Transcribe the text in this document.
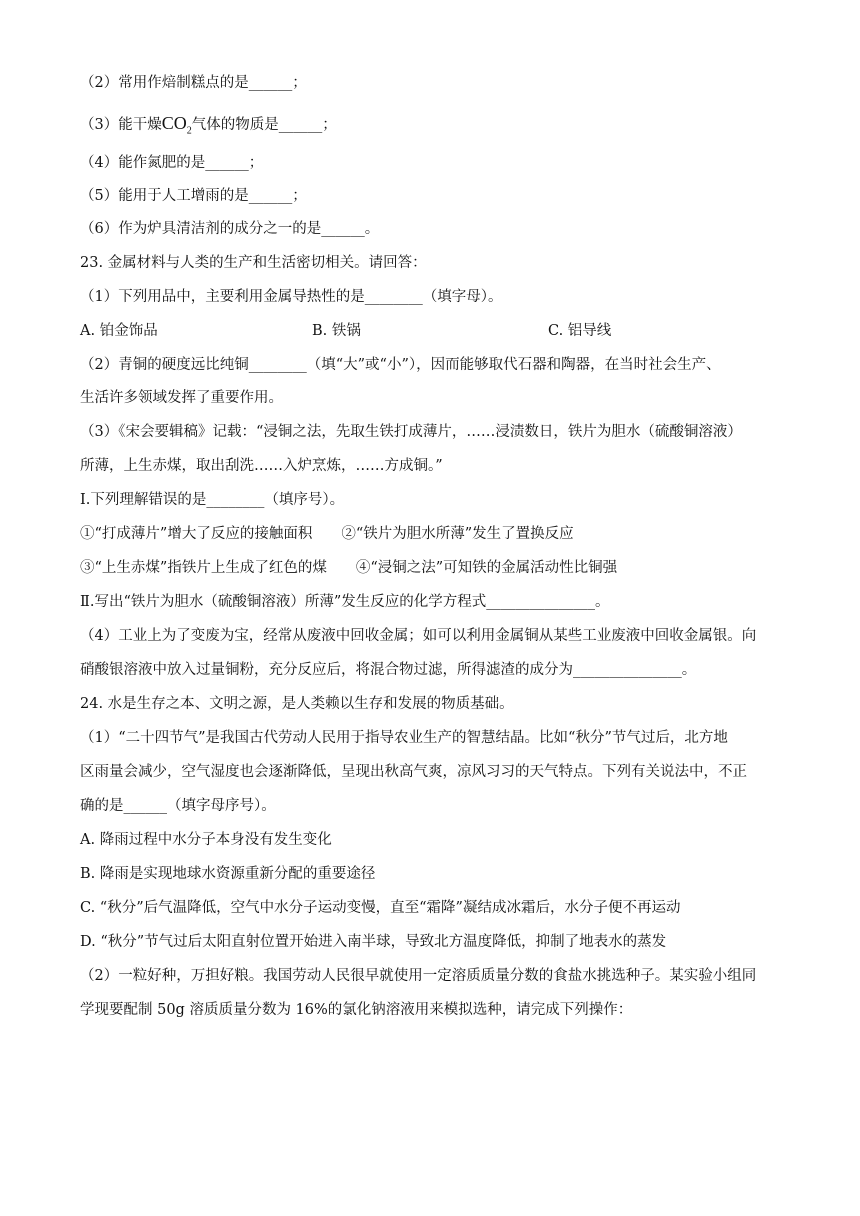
（2）常用作焙制糕点的是______；
（3）能干燥$CO_2$气体的物质是______；
（4）能作氮肥的是______；
（5）能用于人工增雨的是______；
（6）作为炉具清洁剂的成分之一的是______。
23. 金属材料与人类的生产和生活密切相关。请回答：
（1）下列用品中，主要利用金属导热性的是________（填字母）。
A. 铂金饰品	B. 铁锅	C. 铝导线
（2）青铜的硬度远比纯铜________（填“大”或“小”），因而能够取代石器和陶器，在当时社会生产、
生活许多领域发挥了重要作用。
（3）《宋会要辑稿》记载：“浸铜之法，先取生铁打成薄片，……浸渍数日，铁片为胆水（硫酸铜溶液）
所薄，上生赤煤，取出刮洗……入炉烹炼，……方成铜。”
Ⅰ.下列理解错误的是________（填序号）。
①“打成薄片”增大了反应的接触面积　　②“铁片为胆水所薄”发生了置换反应
③“上生赤煤”指铁片上生成了红色的煤　　④“浸铜之法”可知铁的金属活动性比铜强
Ⅱ.写出“铁片为胆水（硫酸铜溶液）所薄”发生反应的化学方程式_______________。
（4）工业上为了变废为宝，经常从废液中回收金属；如可以利用金属铜从某些工业废液中回收金属银。向
硝酸银溶液中放入过量铜粉，充分反应后，将混合物过滤，所得滤渣的成分为_______________。
24. 水是生存之本、文明之源，是人类赖以生存和发展的物质基础。
（1）“二十四节气”是我国古代劳动人民用于指导农业生产的智慧结晶。比如“秋分”节气过后，北方地
区雨量会减少，空气湿度也会逐渐降低，呈现出秋高气爽，凉风习习的天气特点。下列有关说法中，不正
确的是______（填字母序号）。
A. 降雨过程中水分子本身没有发生变化
B. 降雨是实现地球水资源重新分配的重要途径
C. “秋分”后气温降低，空气中水分子运动变慢，直至“霜降”凝结成冰霜后，水分子便不再运动
D. “秋分”节气过后太阳直射位置开始进入南半球，导致北方温度降低，抑制了地表水的蒸发
（2）一粒好种，万担好粮。我国劳动人民很早就使用一定溶质质量分数的食盐水挑选种子。某实验小组同
学现要配制 50g 溶质质量分数为 16%的氯化钠溶液用来模拟选种，请完成下列操作：
